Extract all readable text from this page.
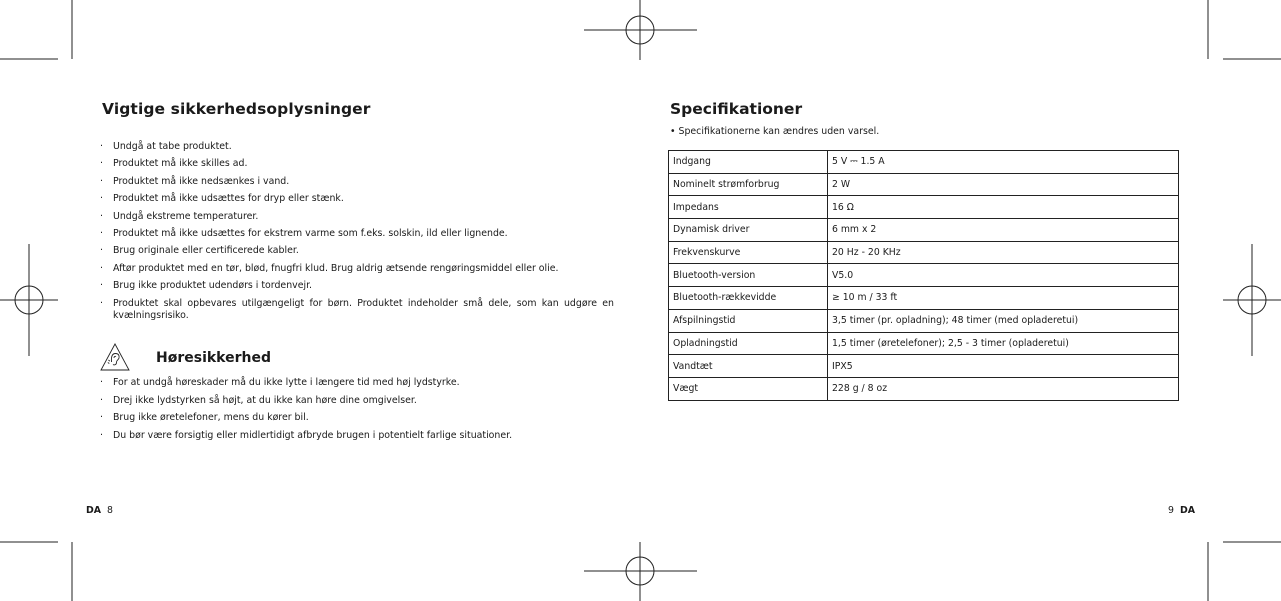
Vigtige sikkerhedsoplysninger
· Undgå at tabe produktet.
· Produktet må ikke skilles ad.
· Produktet må ikke nedsænkes i vand.
· Produktet må ikke udsættes for dryp eller stænk.
· Undgå ekstreme temperaturer.
· Produktet må ikke udsættes for ekstrem varme som f.eks. solskin, ild eller lignende.
· Brug originale eller certificerede kabler.
· Aftør produktet med en tør, blød, fnugfri klud. Brug aldrig ætsende rengøringsmiddel eller olie.
· Brug ikke produktet udendørs i tordenvejr.
· Produktet skal opbevares utilgængeligt for børn. Produktet indeholder små dele, som kan udgøre en kvælningsrisiko.
Høresikkerhed
· For at undgå høreskader må du ikke lytte i længere tid med høj lydstyrke.
· Drej ikke lydstyrken så højt, at du ikke kan høre dine omgivelser.
· Brug ikke øretelefoner, mens du kører bil.
· Du bør være forsigtig eller midlertidigt afbryde brugen i potentielt farlige situationer.
DA 8
Specifikationer

• Specifikationerne kan ændres uden varsel.

Indgang	5 V ⎓ 1.5 A
Nominelt strømforbrug	2 W
Impedans	16 Ω
Dynamisk driver	6 mm x 2
Frekvenskurve	20 Hz - 20 KHz
Bluetooth-version	V5.0
Bluetooth-rækkevidde	≥ 10 m / 33 ft
Afspilningstid	3,5 timer (pr. opladning); 48 timer (med opladeretui)
Opladningstid	1,5 timer (øretelefoner); 2,5 - 3 timer (opladeretui)
Vandtæt	IPX5
Vægt	228 g / 8 oz
9 DA
